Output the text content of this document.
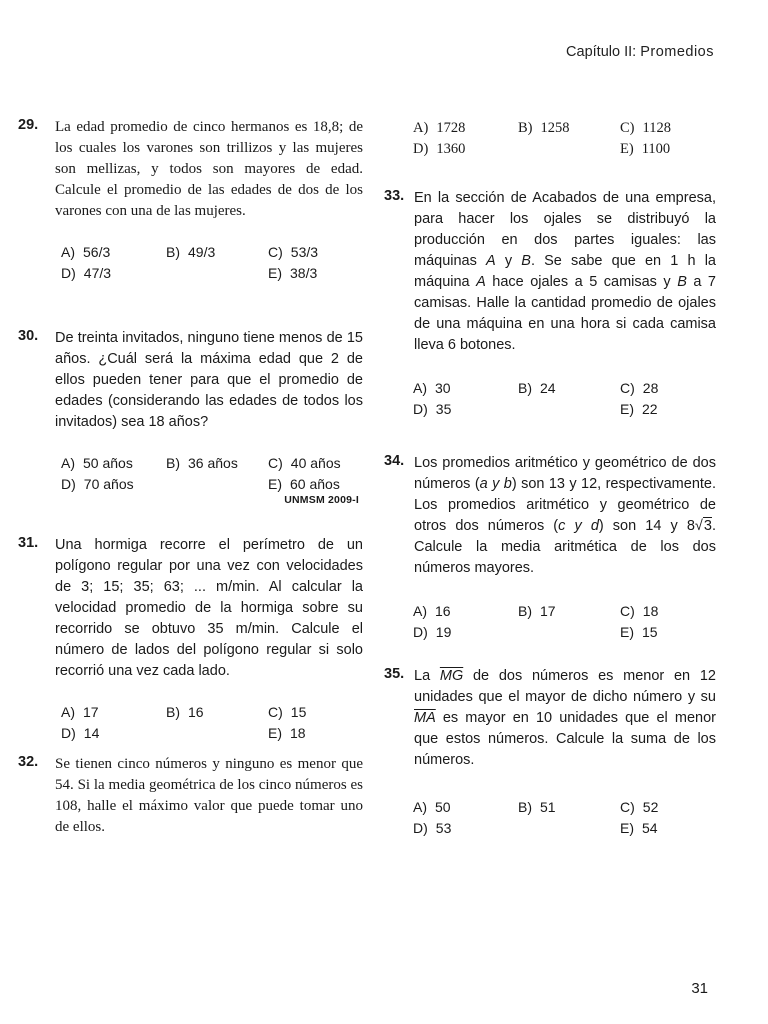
Capítulo II: Promedios
29. La edad promedio de cinco hermanos es 18,8; de los cuales los varones son trillizos y las mujeres son mellizas, y todos son mayores de edad. Calcule el promedio de las edades de dos de los varones con una de las mujeres.
A) 56/3	B) 49/3	C) 53/3
D) 47/3	E) 38/3
30. De treinta invitados, ninguno tiene menos de 15 años. ¿Cuál será la máxima edad que 2 de ellos pueden tener para que el promedio de edades (considerando las edades de todos los invitados) sea 18 años?
A) 50 años B) 36 años C) 40 años
D) 70 años	E) 60 años
UNMSM 2009-I
31. Una hormiga recorre el perímetro de un polígono regular por una vez con velocidades de 3; 15; 35; 63; ... m/min. Al calcular la velocidad promedio de la hormiga sobre su recorrido se obtuvo 35 m/min. Calcule el número de lados del polígono regular si solo recorrió una vez cada lado.
A) 17	B) 16	C) 15
D) 14	E) 18
32. Se tienen cinco números y ninguno es menor que 54. Si la media geométrica de los cinco números es 108, halle el máximo valor que puede tomar uno de ellos.
A) 1728	B) 1258	C) 1128
D) 1360	E) 1100
33. En la sección de Acabados de una empresa, para hacer los ojales se distribuyó la producción en dos partes iguales: las máquinas A y B. Se sabe que en 1 h la máquina A hace ojales a 5 camisas y B a 7 camisas. Halle la cantidad promedio de ojales de una máquina en una hora si cada camisa lleva 6 botones.
A) 30	B) 24	C) 28
D) 35	E) 22
34. Los promedios aritmético y geométrico de dos números (a y b) son 13 y 12, respectivamente. Los promedios aritmético y geométrico de otros dos números (c y d) son 14 y 8√3. Calcule la media aritmética de los dos números mayores.
A) 16	B) 17	C) 18
D) 19	E) 15
35. La $\overline{MG}$ de dos números es menor en 12 unidades que el mayor de dicho número y su $\overline{MA}$ es mayor en 10 unidades que el menor que estos números. Calcule la suma de los números.
A) 50	B) 51	C) 52
D) 53	E) 54
31
